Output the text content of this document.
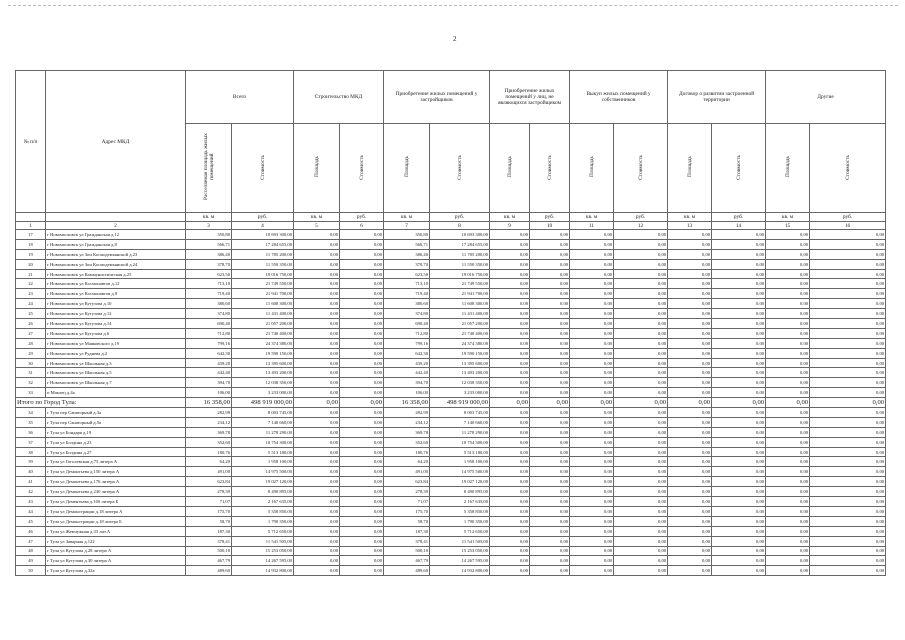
2
№ п/п	Адрес МКД	Всего		Строительство МКД		Приобретение жилых помещений у застройщиков		Приобретение жилых помещений у лиц, не являющихся застройщиком		Выкуп жилых помещений у собственников		Договор о развитии застроенной территории		Другие	
		Расселяемая площадь жилых помещений	Стоимость	Площадь	Стоимость	Площадь	Стоимость	Площадь	Стоимость	Площадь	Стоимость	Площадь	Стоимость	Площадь	Стоимость
		кв. м	руб.	кв. м	руб.	кв. м	руб.	кв. м	руб.	кв. м	руб.	кв. м	руб.	кв. м	руб.
1	2	3	4	5	6	7	8	9	10	11	12	13	14	15	16
17	г Новомосковск ул Гражданская д.12	350,80	10 693 300,00	0,00	0,00	350,80	10 693 300,00	0,00	0,00	0,00	0,00	0,00	0,00	0,00	0,00
18	г Новомосковск ул Гражданская д.8	566,71	17 284 655,00	0,00	0,00	566,71	17 284 655,00	0,00	0,00	0,00	0,00	0,00	0,00	0,00	0,00
19	г Новомосковск ул Зои Космодемьянской д.23	386,40	11 785 200,00	0,00	0,00	386,40	11 785 200,00	0,00	0,00	0,00	0,00	0,00	0,00	0,00	0,00
20	г Новомосковск ул Зои Космодемьянской д.24	378,70	11 550 350,00	0,00	0,00	378,70	11 550 350,00	0,00	0,00	0,00	0,00	0,00	0,00	0,00	0,00
21	г Новомосковск ул Коммунистическая д.25	623,50	19 016 750,00	0,00	0,00	623,50	19 016 750,00	0,00	0,00	0,00	0,00	0,00	0,00	0,00	0,00
22	г Новомосковск ул Космонавтов д.12	713,10	21 749 550,00	0,00	0,00	713,10	21 749 550,00	0,00	0,00	0,00	0,00	0,00	0,00	0,00	0,00
23	г Новомосковск ул Космонавтов д.9	719,40	21 941 700,00	0,00	0,00	719,40	21 941 700,00	0,00	0,00	0,00	0,00	0,00	0,00	0,00	0,00
24	г Новомосковск ул Кутузова д.10	380,60	11 608 300,00	0,00	0,00	380,60	11 608 300,00	0,00	0,00	0,00	0,00	0,00	0,00	0,00	0,00
25	г Новомосковск ул Кутузова д.12	374,80	11 431 400,00	0,00	0,00	374,80	11 431 400,00	0,00	0,00	0,00	0,00	0,00	0,00	0,00	0,00
26	г Новомосковск ул Кутузова д.14	690,40	21 057 200,00	0,00	0,00	690,40	21 057 200,00	0,00	0,00	0,00	0,00	0,00	0,00	0,00	0,00
27	г Новомосковск ул Кутузова д.6	712,80	21 740 400,00	0,00	0,00	712,80	21 740 400,00	0,00	0,00	0,00	0,00	0,00	0,00	0,00	0,00
28	г Новомосковск ул Маяковского д.19	799,16	24 374 380,00	0,00	0,00	799,16	24 374 380,00	0,00	0,00	0,00	0,00	0,00	0,00	0,00	0,00
29	г Новомосковск ул Руднева д.2	642,30	19 590 150,00	0,00	0,00	642,30	19 590 150,00	0,00	0,00	0,00	0,00	0,00	0,00	0,00	0,00
30	г Новомосковск ул Школьная д.3	439,20	13 395 600,00	0,00	0,00	439,20	13 395 600,00	0,00	0,00	0,00	0,00	0,00	0,00	0,00	0,00
31	г Новомосковск ул Школьная д.5	442,40	13 493 200,00	0,00	0,00	442,40	13 493 200,00	0,00	0,00	0,00	0,00	0,00	0,00	0,00	0,00
32	г Новомосковск ул Школьная д.7	394,70	12 038 350,00	0,00	0,00	394,70	12 038 350,00	0,00	0,00	0,00	0,00	0,00	0,00	0,00	0,00
33	п Маклец д.4а	106,00	3 233 000,00	0,00	0,00	106,00	3 233 000,00	0,00	0,00	0,00	0,00	0,00	0,00	0,00	0,00
Итого по Город Тула:		16 358,00	498 919 000,00	0,00	0,00	16 358,00	498 919 000,00	0,00	0,00	0,00	0,00	0,00	0,00	0,00	0,00
34	г Тула пер Санаторный д.3а	282,99	8 003 745,00	0,00	0,00	282,99	8 003 745,00	0,00	0,00	0,00	0,00	0,00	0,00	0,00	0,00
35	г Тула пер Санаторный д.5а	234,12	7 140 660,00	0,00	0,00	234,12	7 140 660,00	0,00	0,00	0,00	0,00	0,00	0,00	0,00	0,00
36	г Тула ул Бондаря д.19	369,78	11 278 290,00	0,00	0,00	369,78	11 278 290,00	0,00	0,00	0,00	0,00	0,00	0,00	0,00	0,00
37	г Тула ул Болдина д.23	352,60	10 754 300,00	0,00	0,00	352,60	10 754 300,00	0,00	0,00	0,00	0,00	0,00	0,00	0,00	0,00
38	г Тула ул Болдина д.27	180,76	5 513 180,00	0,00	0,00	180,76	5 513 180,00	0,00	0,00	0,00	0,00	0,00	0,00	0,00	0,00
39	г Тула ул Гоголевская д.75 литера А	64,20	1 958 100,00	0,00	0,00	64,20	1 958 100,00	0,00	0,00	0,00	0,00	0,00	0,00	0,00	0,00
40	г Тула ул Демонтьева д.150 литера А	491,00	14 975 500,00	0,00	0,00	491,00	14 975 500,00	0,00	0,00	0,00	0,00	0,00	0,00	0,00	0,00
41	г Тула ул Демонтьева д.176 литера А	623,84	19 027 120,00	0,00	0,00	623,84	19 027 120,00	0,00	0,00	0,00	0,00	0,00	0,00	0,00	0,00
42	г Тула ул Демонтьева д.230 литера А	278,39	8 490 895,00	0,00	0,00	278,39	8 490 895,00	0,00	0,00	0,00	0,00	0,00	0,00	0,00	0,00
43	г Тула ул Дементьева д.10б литера Б	71,07	2 167 635,00	0,00	0,00	71,07	2 167 635,00	0,00	0,00	0,00	0,00	0,00	0,00	0,00	0,00
44	г Тула ул Демонстрации д.18 литера А	175,70	5 358 850,00	0,00	0,00	175,70	5 358 850,00	0,00	0,00	0,00	0,00	0,00	0,00	0,00	0,00
45	г Тула ул Демонстрации д.18 литера Б	58,70	1 790 350,00	0,00	0,00	58,70	1 790 350,00	0,00	0,00	0,00	0,00	0,00	0,00	0,00	0,00
46	г Тула ул Жемчужная д.33 лит.А	187,30	5 712 650,00	0,00	0,00	187,30	5 712 650,00	0,00	0,00	0,00	0,00	0,00	0,00	0,00	0,00
47	г Тула ул Заварная д.122	378,41	11 541 505,00	0,00	0,00	378,41	11 541 505,00	0,00	0,00	0,00	0,00	0,00	0,00	0,00	0,00
48	г Тула ул Кутузова д.28 литера А	500,10	15 253 050,00	0,00	0,00	500,10	15 253 050,00	0,00	0,00	0,00	0,00	0,00	0,00	0,00	0,00
49	г Тула ул Кутузова д.30 литера А	467,79	14 267 595,00	0,00	0,00	467,79	14 267 595,00	0,00	0,00	0,00	0,00	0,00	0,00	0,00	0,00
50	г Тула ул Кутузова д.32а	489,60	14 932 800,00	0,00	0,00	489,60	14 932 800,00	0,00	0,00	0,00	0,00	0,00	0,00	0,00	0,00
